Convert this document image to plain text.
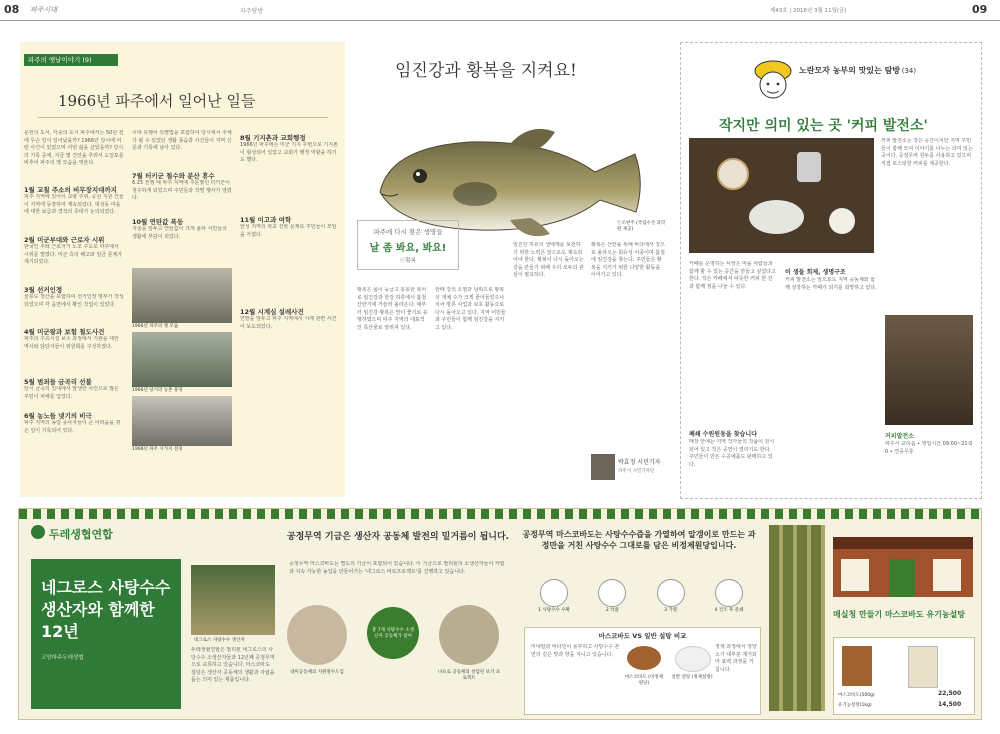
08 파주시대	파주탐방	제43호 | 2016년 3월 11일(금)	09
파주의 옛날이야기 (9)
1966년 파주에서 일어난 일들
문헌의 도서, 각종의 도시 파주에서는 50년 전에 무슨 일이 일어났을까? 1966년 당시에 어떤 사건이 있었으며 어떤 삶을 살았을까? 당시의 기록 중에, 지금 몇 건만을 추려서 도일포를 비추어 파주의 옛 모습을 엿본다.
1월 교칠 주소의 비무장지대까지
파주 지역에 있어서 교량 주위, 공원 지원 건물이 지역에 등장하여 계속되었다. 대성동 마을에 대한 보급과 경작의 증대가 논의되었다.
2월 미군부대와 근로자 시위
한국인 루레 근로자가 노조 주도로 파주에서 시위를 벌였다. 미군 측의 해고와 임금 문제가 제기되었다.
3월 선거인정
울릉도 정산을 포함하여 선거인정 명부가 작성되었으며 각 읍면에서 확인 작업이 있었다.
4월 미군왕과 보험 철도사건
파주의 주요시설 보수 과정에서 기관을 대한 역사와 담당자들이 위원회를 구성하였다.
5월 범죄들 금곡리 선불
당시 금곡리 일대에서 발생한 사건으로 많은 주민이 피해를 입었다.
6월 농노들 넷기의 비극
파주 지역의 농업 종사자들이 큰 어려움을 겪은 일이 기록되어 있다.
시대 유행어 특별법을 포함하여 당시에서 주체가 될 수 있었던 생활 풍습과 사건들이 지역 신문과 기록에 남아 있다.
7월 터키군 철수와 분산 휴수
6.25 전쟁 때 파주 지역에 주둔했던 터키군이 철수하게 되었으며 주민들과 작별 행사가 열렸다.
10월 연탄값 폭등
겨울을 앞두고 연탄값이 크게 올라 서민들의 생활에 부담이 되었다.
1966년 파주의 옛 모습
1966년 당시의 농촌 풍경
1966년 파주 시가지 전경
8월 기지촌과 교회행정
1966년 파주에는 미군 기지 주변으로 기지촌이 형성되어 있었고 교회가 행정 역할을 하기도 했다.
11월 이고과 여학
한성 지역의 학교 진학 문제로 주민들이 모임을 가졌다.
12월 시계심 설레사건
연말을 앞두고 파주 지역에서 시계 관련 사건이 보도되었다.
임진강과 황복을 지켜요!
ⓒ조현주 (국립수산 과학원 제공)
파주에 다시 찾은 생명들
날 좀 봐요, 봐요!
ⓒ황복
황복은 몸이 둥글고 통통한 복어로 임진강과 한강 하류에서 봄철 산란기에 거슬러 올라온다. 예부터 임진강 황복은 맛이 좋기로 유명하였으며 파주 지역의 대표적인 특산물로 알려져 있다.
한때 강의 오염과 남획으로 황복의 개체 수가 크게 줄어들었으나 치어 방류 사업과 보호 활동으로 다시 돌아오고 있다. 지역 어민들과 주민들이 함께 임진강을 지키고 있다.
임진강 하류의 생태계를 보전하기 위한 노력은 앞으로도 계속되어야 한다. 황복이 다시 돌아오는 강을 만들기 위해 우리 모두의 관심이 필요하다.
황복은 산란을 위해 바다에서 강으로 올라오는 회유성 어종이며 봄철에 임진강을 찾는다. 주민들은 황복을 지키기 위한 다양한 활동을 이어가고 있다.
박효정 시민기자
파주시 시민기자단
노란모자 농부의 맛있는 탐방 (34)
작지만 의미 있는 곳 '커피 발전소'
커피 발전소는 작은 공간이지만 지역 주민들이 함께 모여 이야기를 나누는 의미 있는 곳이다. 공정무역 원두를 사용하고 있으며 직접 로스팅한 커피를 제공한다.
카페를 운영하는 사장은 마을 사람들과 함께 할 수 있는 공간을 만들고 싶었다고 한다. 작은 카페에서 따뜻한 커피 한 잔과 함께 정을 나눌 수 있다.
폐쇄 수원원동을 찾습니다
매장 안에는 지역 작가들의 작품이 전시되어 있고 작은 공연이 열리기도 한다. 주민들이 만든 수공예품도 판매하고 있다.
이 생들 희제, 생명구조
커피 발전소는 앞으로도 지역 공동체와 함께 성장하는 카페가 되기를 희망하고 있다.
커피발전소
파주시 교하읍 • 영업시간 09:00~21:00 • 연중무휴
두레생협연합
네그로스 사탕수수 생산자와 함께한 12년
고양파주두레생협
네그로스 사탕수수 생산자
두레생협연합은 필리핀 네그로스의 사탕수수 소생산자들과 12년째 공정무역으로 교류하고 있습니다. 마스코바도 설탕은 생산자 공동체의 생활과 자립을 돕는 의미 있는 제품입니다.
공정무역 기금은 생산자 공동체 발전의 밑거름이 됩니다.
공정무역 마스코바도는 별도의 기금이 포함되어 있습니다. 이 기금으로 필리핀의 소생산자들이 자립과 지속 가능한 농업을 만들어가는 '네그로스 바로프로젝트'를 진행하고 있습니다.
총 7개 사탕수수 소생산자 공동체가 참여
대미공동체의 지원방수도입	나프로 공동체의 설립된 보기 프로젝트
공정무역 마스코바도는 사탕수수즙을 가열하여 알갱이로 만드는 과정만을 거친 사탕수수 그대로를 담은 비정제원당입니다.
1 사탕수수 수확	2 착즙	3 가열	4 건조 후 분쇄
마스코바도 VS 일반 설탕 비교
미네랄과 비타민이 풍부하고 사탕수수 본연의 깊은 맛과 향을 지니고 있습니다.
마스코바도 (비정제원당)
일반 설탕 (정제설탕)
정제 과정에서 영양소가 대부분 제거되며 표백 과정을 거칩니다.
매실청 만들기 마스코바도 유기농설탕
마스코바도(500g)
유기농설탕(1kg)
22,500
14,500
